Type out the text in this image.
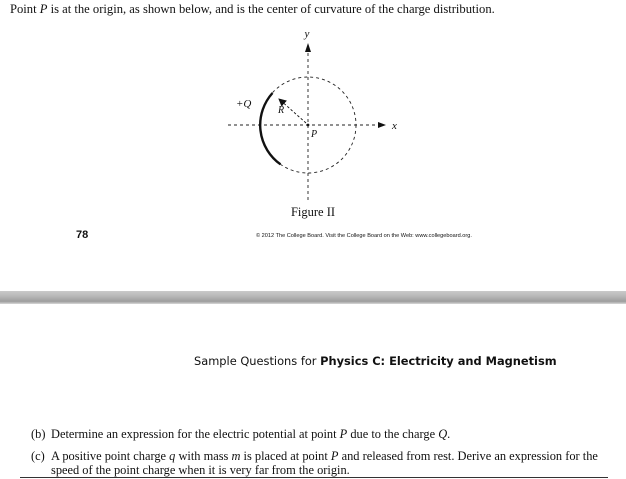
Point P is at the origin, as shown below, and is the center of curvature of the charge distribution.
y
x
+Q
R
P
Figure II
78	© 2012 The College Board. Visit the College Board on the Web: www.collegeboard.org.
Sample Questions for Physics C: Electricity and Magnetism
(b) Determine an expression for the electric potential at point P due to the charge Q.
(c) A positive point charge q with mass m is placed at point P and released from rest. Derive an expression for the speed of the point charge when it is very far from the origin.
